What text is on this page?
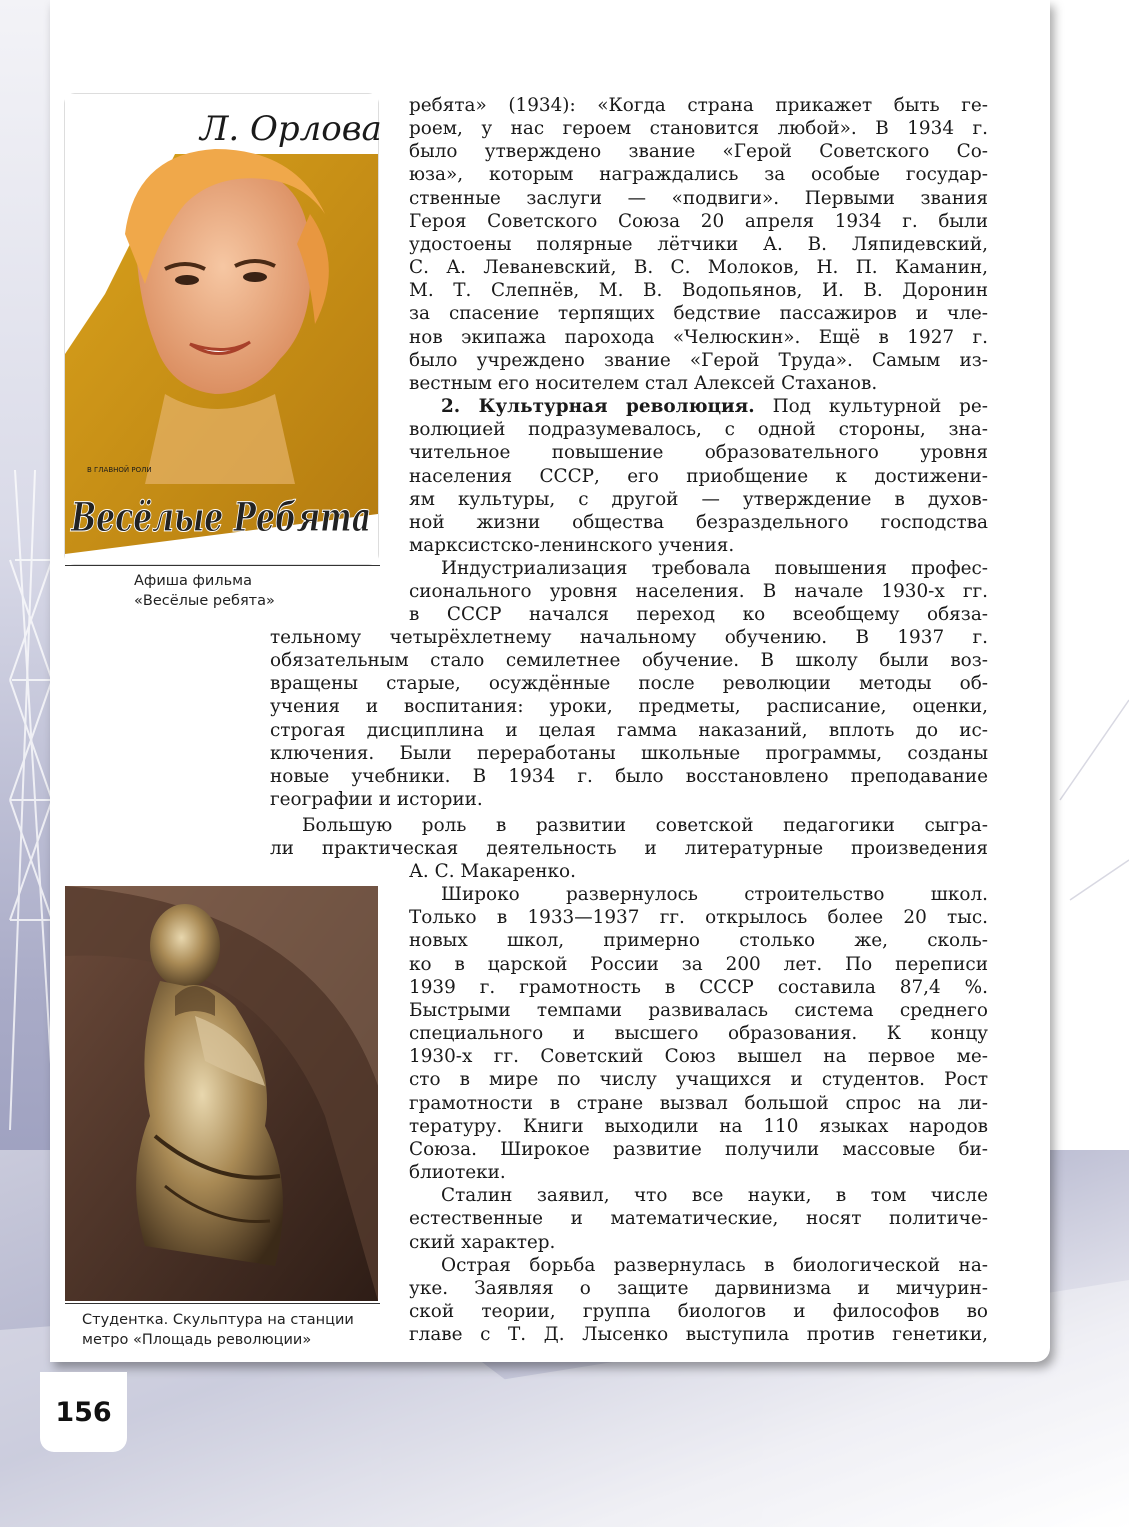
Л. Орлова
В ГЛАВНОЙ РОЛИ
Весёлые Ребята
Афиша фильма
«Весёлые ребята»
Студентка. Скульптура на станции
метро «Площадь революции»
ребята» (1934): «Когда страна прикажет быть ге-
роем, у нас героем становится любой». В 1934 г.
было утверждено звание «Герой Советского Со-
юза», которым награждались за особые государ-
ственные заслуги — «подвиги». Первыми звания
Героя Советского Союза 20 апреля 1934 г. были
удостоены полярные лётчики А. В. Ляпидевский,
С. А. Леваневский, В. С. Молоков, Н. П. Каманин,
М. Т. Слепнёв, М. В. Водопьянов, И. В. Доронин
за спасение терпящих бедствие пассажиров и чле-
нов экипажа парохода «Челюскин». Ещё в 1927 г.
было учреждено звание «Герой Труда». Самым из-
вестным его носителем стал Алексей Стаханов.
2. Культурная революция. Под культурной ре-
волюцией подразумевалось, с одной стороны, зна-
чительное повышение образовательного уровня
населения СССР, его приобщение к достижени-
ям культуры, с другой — утверждение в духов-
ной жизни общества безраздельного господства
марксистско-ленинского учения.
Индустриализация требовала повышения профес-
сионального уровня населения. В начале 1930-х гг.
в СССР начался переход ко всеобщему обяза-
тельному четырёхлетнему начальному обучению. В 1937 г.
обязательным стало семилетнее обучение. В школу были воз-
вращены старые, осуждённые после революции методы об-
учения и воспитания: уроки, предметы, расписание, оценки,
строгая дисциплина и целая гамма наказаний, вплоть до ис-
ключения. Были переработаны школьные программы, созданы
новые учебники. В 1934 г. было восстановлено преподавание
географии и истории.
Большую роль в развитии советской педагогики сыгра-
ли практическая деятельность и литературные произведения
А. С. Макаренко.
Широко развернулось строительство школ.
Только в 1933—1937 гг. открылось более 20 тыс.
новых школ, примерно столько же, сколь-
ко в царской России за 200 лет. По переписи
1939 г. грамотность в СССР составила 87,4 %.
Быстрыми темпами развивалась система среднего
специального и высшего образования. К концу
1930-х гг. Советский Союз вышел на первое ме-
сто в мире по числу учащихся и студентов. Рост
грамотности в стране вызвал большой спрос на ли-
тературу. Книги выходили на 110 языках народов
Союза. Широкое развитие получили массовые би-
блиотеки.
Сталин заявил, что все науки, в том числе
естественные и математические, носят политиче-
ский характер.
Острая борьба развернулась в биологической на-
уке. Заявляя о защите дарвинизма и мичурин-
ской теории, группа биологов и философов во
главе с Т. Д. Лысенко выступила против генетики,
156
